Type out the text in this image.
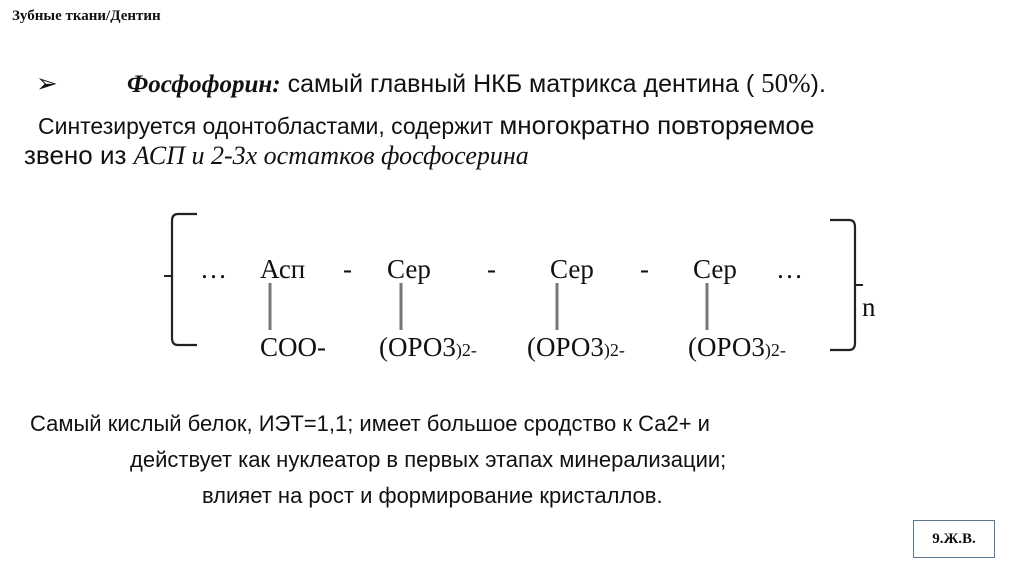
Зубные ткани/Дентин
➢	Фосфофорин: самый главный НКБ матрикса дентина ( 50%).
Синтезируется одонтобластами, содержит многократно повторяемое
звено из АСП и 2-3х остатков фосфосерина
… Асп - Сер - Сер - Сер …
СОО- (ОРО3)2- (ОРО3)2- (ОРО3)2-
n
Самый кислый белок, ИЭТ=1,1; имеет большое сродство к Са2+ и
действует как нуклеатор в первых этапах минерализации;
влияет на рост и формирование кристаллов.
9.Ж.В.
